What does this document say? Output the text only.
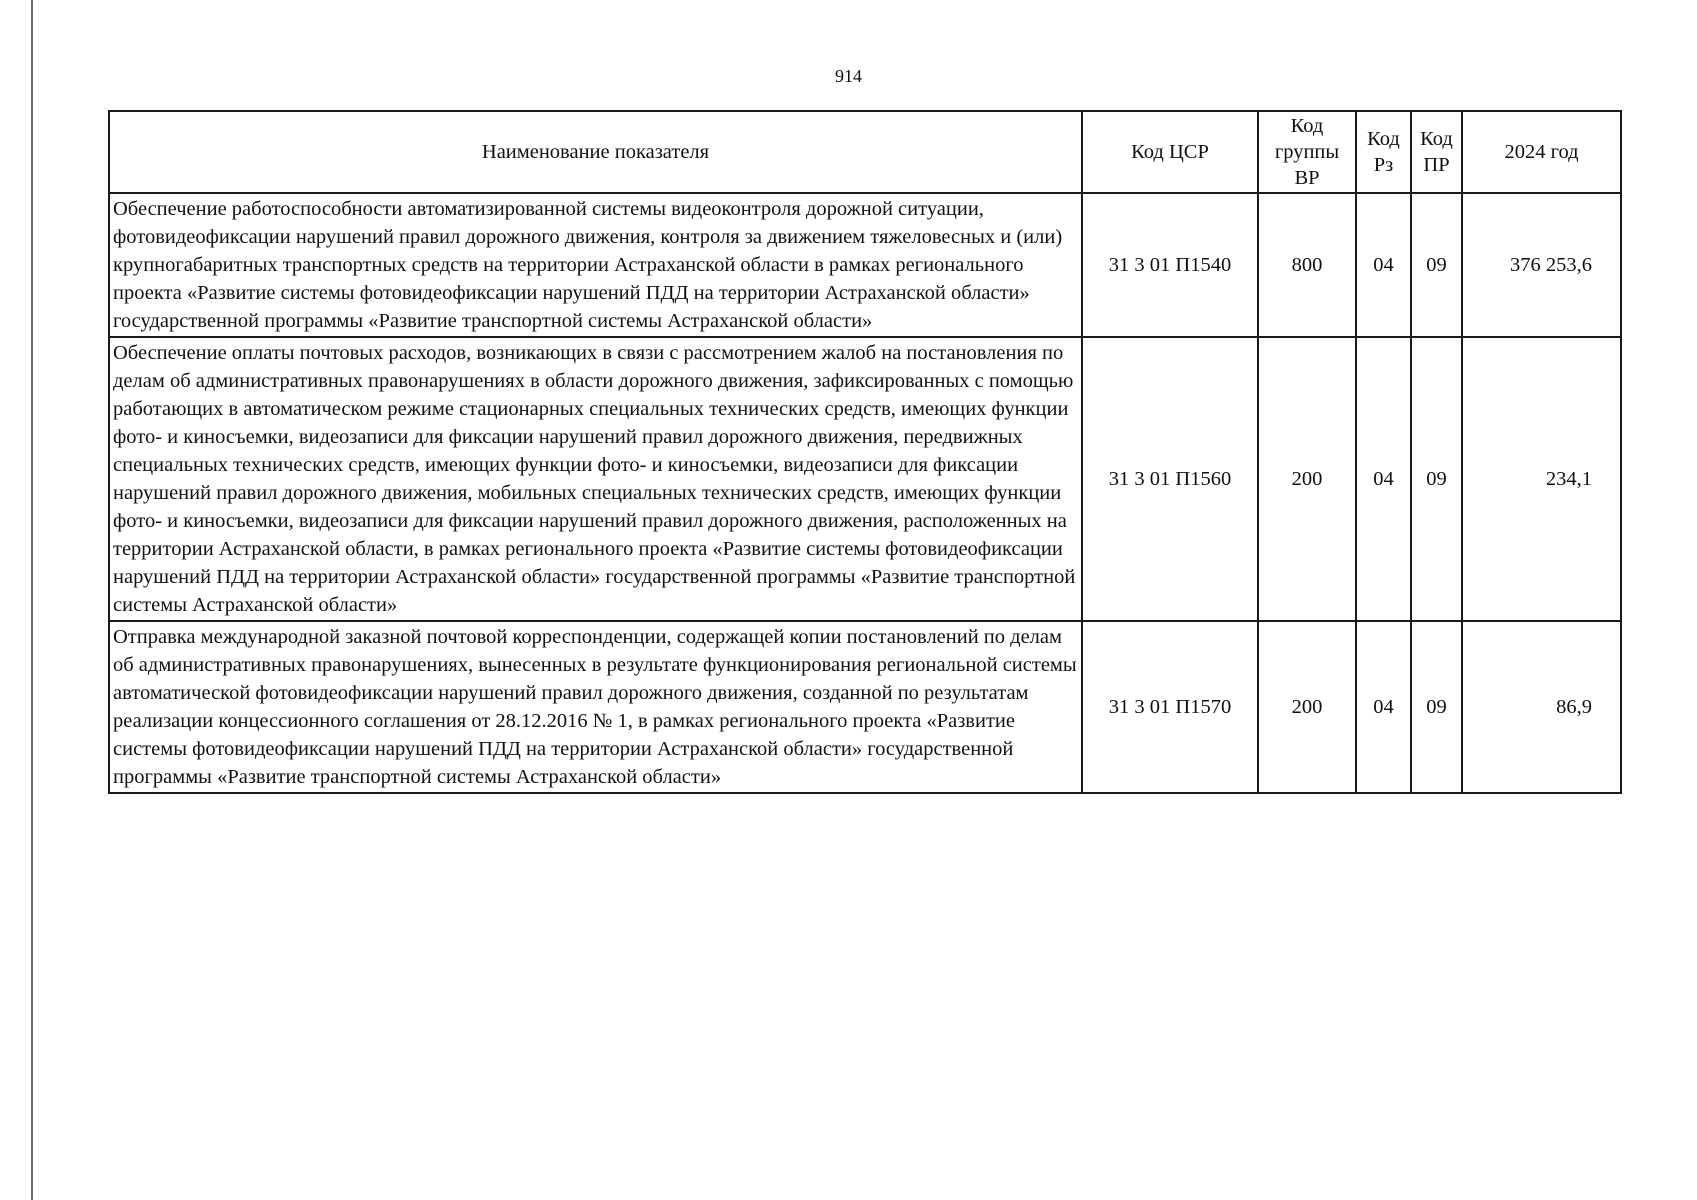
914
Наименование показателя	Код ЦСР	Код группы ВР	Код Рз	Код ПР	2024 год
Обеспечение работоспособности автоматизированной системы видеоконтроля дорожной ситуации, фотовидеофиксации нарушений правил дорожного движения, контроля за движением тяжеловесных и (или) крупногабаритных транспортных средств на территории Астраханской области в рамках регионального проекта «Развитие системы фотовидеофиксации нарушений ПДД на территории Астраханской области» государственной программы «Развитие транспортной системы Астраханской области»	31 3 01 П1540	800	04	09	376 253,6
Обеспечение оплаты почтовых расходов, возникающих в связи с рассмотрением жалоб на постановления по делам об административных правонарушениях в области дорожного движения, зафиксированных с помощью работающих в автоматическом режиме стационарных специальных технических средств, имеющих функции фото- и киносъемки, видеозаписи для фиксации нарушений правил дорожного движения, передвижных специальных технических средств, имеющих функции фото- и киносъемки, видеозаписи для фиксации нарушений правил дорожного движения, мобильных специальных технических средств, имеющих функции фото- и киносъемки, видеозаписи для фиксации нарушений правил дорожного движения, расположенных на территории Астраханской области, в рамках регионального проекта «Развитие системы фотовидеофиксации нарушений ПДД на территории Астраханской области» государственной программы «Развитие транспортной системы Астраханской области»	31 3 01 П1560	200	04	09	234,1
Отправка международной заказной почтовой корреспонденции, содержащей копии постановлений по делам об административных правонарушениях, вынесенных в результате функционирования региональной системы автоматической фотовидеофиксации нарушений правил дорожного движения, созданной по результатам реализации концессионного соглашения от 28.12.2016 № 1, в рамках регионального проекта «Развитие системы фотовидеофиксации нарушений ПДД на территории Астраханской области» государственной программы «Развитие транспортной системы Астраханской области»	31 3 01 П1570	200	04	09	86,9
